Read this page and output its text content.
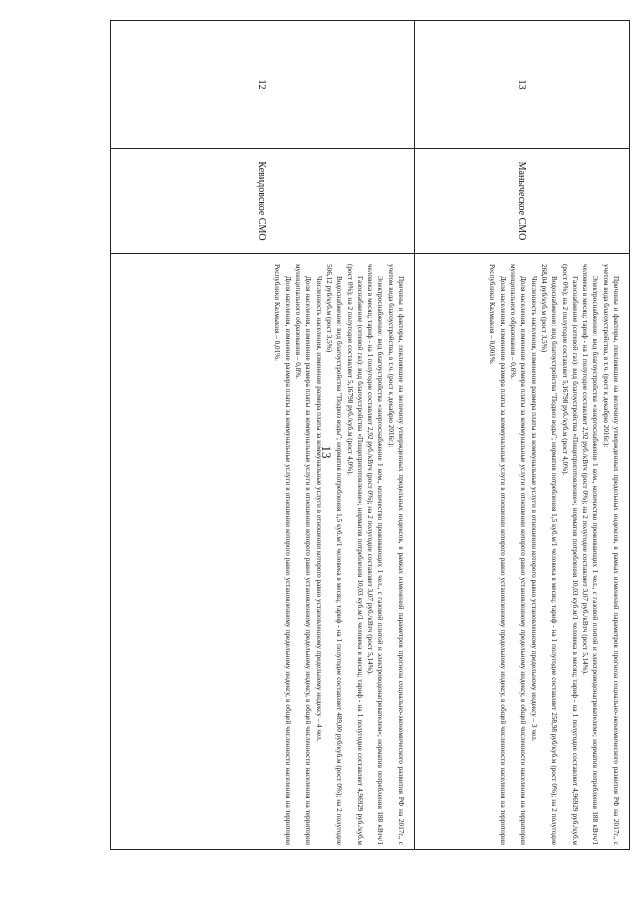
13
13
Маныческое СМО

Причины и факторы, повлиявшие на величину утвержденных предельных индексов, в рамках изменений параметров прогноза социально-экономического развития РФ на 2017г., с учетом вида благоустройства, в т.ч. (рост к декабрю 2016г.):

Электроснабжение: вид благоустройства «энергоснабжение 1 ком., количество проживающих 1 чел., с газовой плитой и электроводонагревателем»; норматив потребления 188 кВтч/1 человека в месяц; тариф - на 1 полугодие составляет 2,92 руб./кВтч (рост 0%); на 2 полугодие составляет 3,07 руб./кВтч (рост 5,14%).

Газоснабжение (сетевой газ): вид благоустройства «Пищеприготовление»; норматив потребления 10,03 куб.м/1 человека в месяц; тариф - на 1 полугодие составляет 4,96929 руб./куб.м (рост 0%); на 2 полугодие составляет 5,16798 руб./куб.м (рост 4,0%).

Водоснабжение: вид благоустройства "Подвоз воды"; норматив потребления 1,5 куб.м/1 человека в месяц; тариф - на 1 полугодие составляет 258,98 руб/куб.м (рост 0%); на 2 полугодие 268,04 руб/куб.м (рост 3,5%)

Численность населения, изменение размера платы за коммунальные услуги в отношении которого равно установленному предельному индексу – 3 чел.

Доля населения, изменение размера платы за коммунальные услуги в отношении которого равно установленному предельному индексу, в общей численности населения на территории муниципального образования – 0,6%.

Доля населения, изменение размера платы за коммунальные услуги в отношении которого равно установленному предельному индексу, в общей численности населения на территории Республики Калмыкия – 0,001%.

12
Кевидовское СМО

Причины и факторы, повлиявшие на величину утвержденных предельных индексов, в рамках изменений параметров прогноза социально-экономического развития РФ на 2017г., с учетом вида благоустройства, в т.ч. (рост к декабрю 2016г.):

Электроснабжение: вид благоустройства «энергоснабжение 1 ком., количество проживающих 1 чел., с газовой плитой и электроводонагревателем»; норматив потребления 188 кВтч/1 человека в месяц; тариф - на 1 полугодие составляет 2,92 руб./кВтч (рост 0%); на 2 полугодие составляет 3,07 руб./кВтч (рост 5,14%).

Газоснабжение (сетевой газ): вид благоустройства «Пищеприготовление»; норматив потребления 10,03 куб.м/1 человека в месяц; тариф - на 1 полугодие составляет 4,96929 руб./куб.м (рост 0%); на 2 полугодие составляет 5,16798 руб./куб.м (рост 4,0%).

Водоснабжение: вид благоустройства "Подвоз воды"; норматив потребления 1,5 куб.м/1 человека в месяц; тариф - на 1 полугодие составляет 489,00 руб/куб.м (рост 0%); на 2 полугодие 506,12 руб/куб.м (рост 3,5%)

Численность населения, изменение размера платы за коммунальные услуги в отношении которого равно установленному предельному индексу – 4 чел.

Доля населения, изменение размера платы за коммунальные услуги в отношении которого равно установленному предельному индексу, в общей численности населения на территории муниципального образования – 0,8%.

Доля населения, изменение размера платы за коммунальные услуги в отношении которого равно установленному предельному индексу, в общей численности населения на территории Республики Калмыкия – 0,01%.
